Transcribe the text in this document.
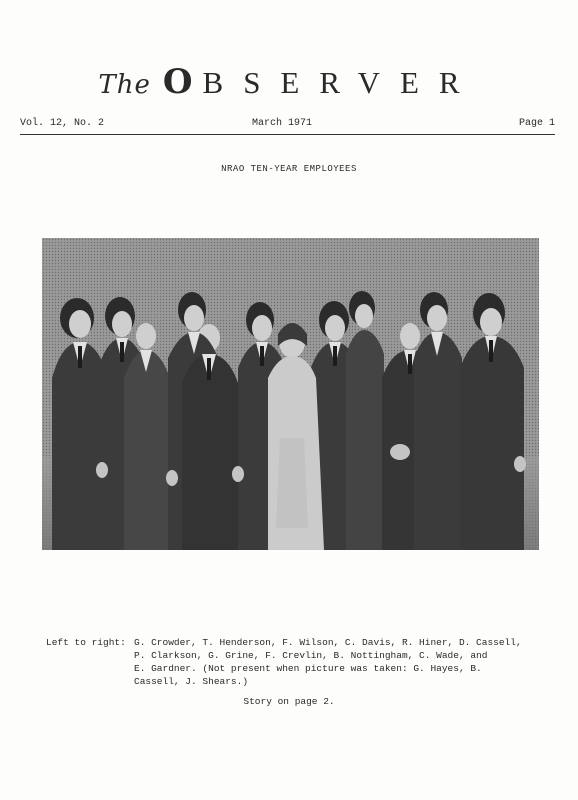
The O BSERVER
Vol. 12, No. 2	March 1971	Page 1
NRAO TEN-YEAR EMPLOYEES
Left to right: G. Crowder, T. Henderson, F. Wilson, C. Davis, R. Hiner, D. Cassell,
P. Clarkson, G. Grine, F. Crevlin, B. Nottingham, C. Wade, and
E. Gardner. (Not present when picture was taken: G. Hayes, B.
Cassell, J. Shears.)
Story on page 2.
